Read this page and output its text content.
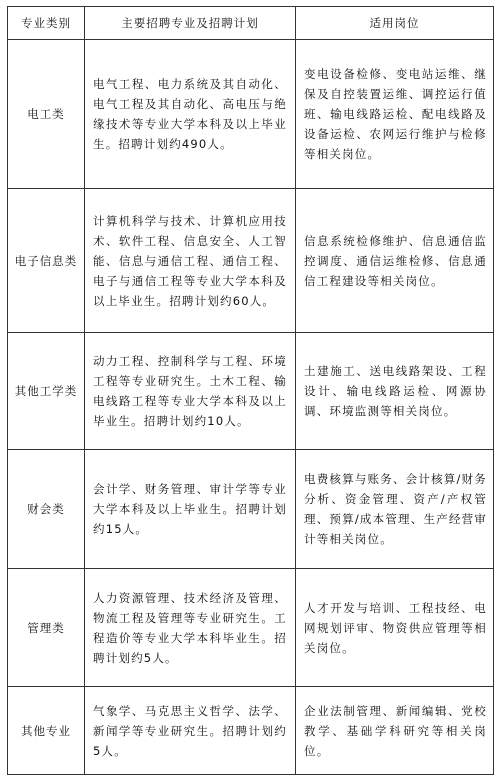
专业类别	主要招聘专业及招聘计划	适用岗位
电工类	电气工程、电力系统及其自动化、电气工程及其自动化、高电压与绝缘技术等专业大学本科及以上毕业生。招聘计划约490人。	变电设备检修、变电站运维、继保及自控装置运维、调控运行值班、输电线路运检、配电线路及设备运检、农网运行维护与检修等相关岗位。
电子信息类	计算机科学与技术、计算机应用技术、软件工程、信息安全、人工智能、信息与通信工程、通信工程、电子与通信工程等专业大学本科及以上毕业生。招聘计划约60人。	信息系统检修维护、信息通信监控调度、通信运维检修、信息通信工程建设等相关岗位。
其他工学类	动力工程、控制科学与工程、环境工程等专业研究生。土木工程、输电线路工程等专业大学本科及以上毕业生。招聘计划约10人。	土建施工、送电线路架设、工程设计、输电线路运检、网源协调、环境监测等相关岗位。
财会类	会计学、财务管理、审计学等专业大学本科及以上毕业生。招聘计划约15人。	电费核算与账务、会计核算/财务分析、资金管理、资产/产权管理、预算/成本管理、生产经营审计等相关岗位。
管理类	人力资源管理、技术经济及管理、物流工程及管理等专业研究生。工程造价等专业大学本科毕业生。招聘计划约5人。	人才开发与培训、工程技经、电网规划评审、物资供应管理等相关岗位。
其他专业	气象学、马克思主义哲学、法学、新闻学等专业研究生。招聘计划约5人。	企业法制管理、新闻编辑、党校教学、基础学科研究等相关岗位。
